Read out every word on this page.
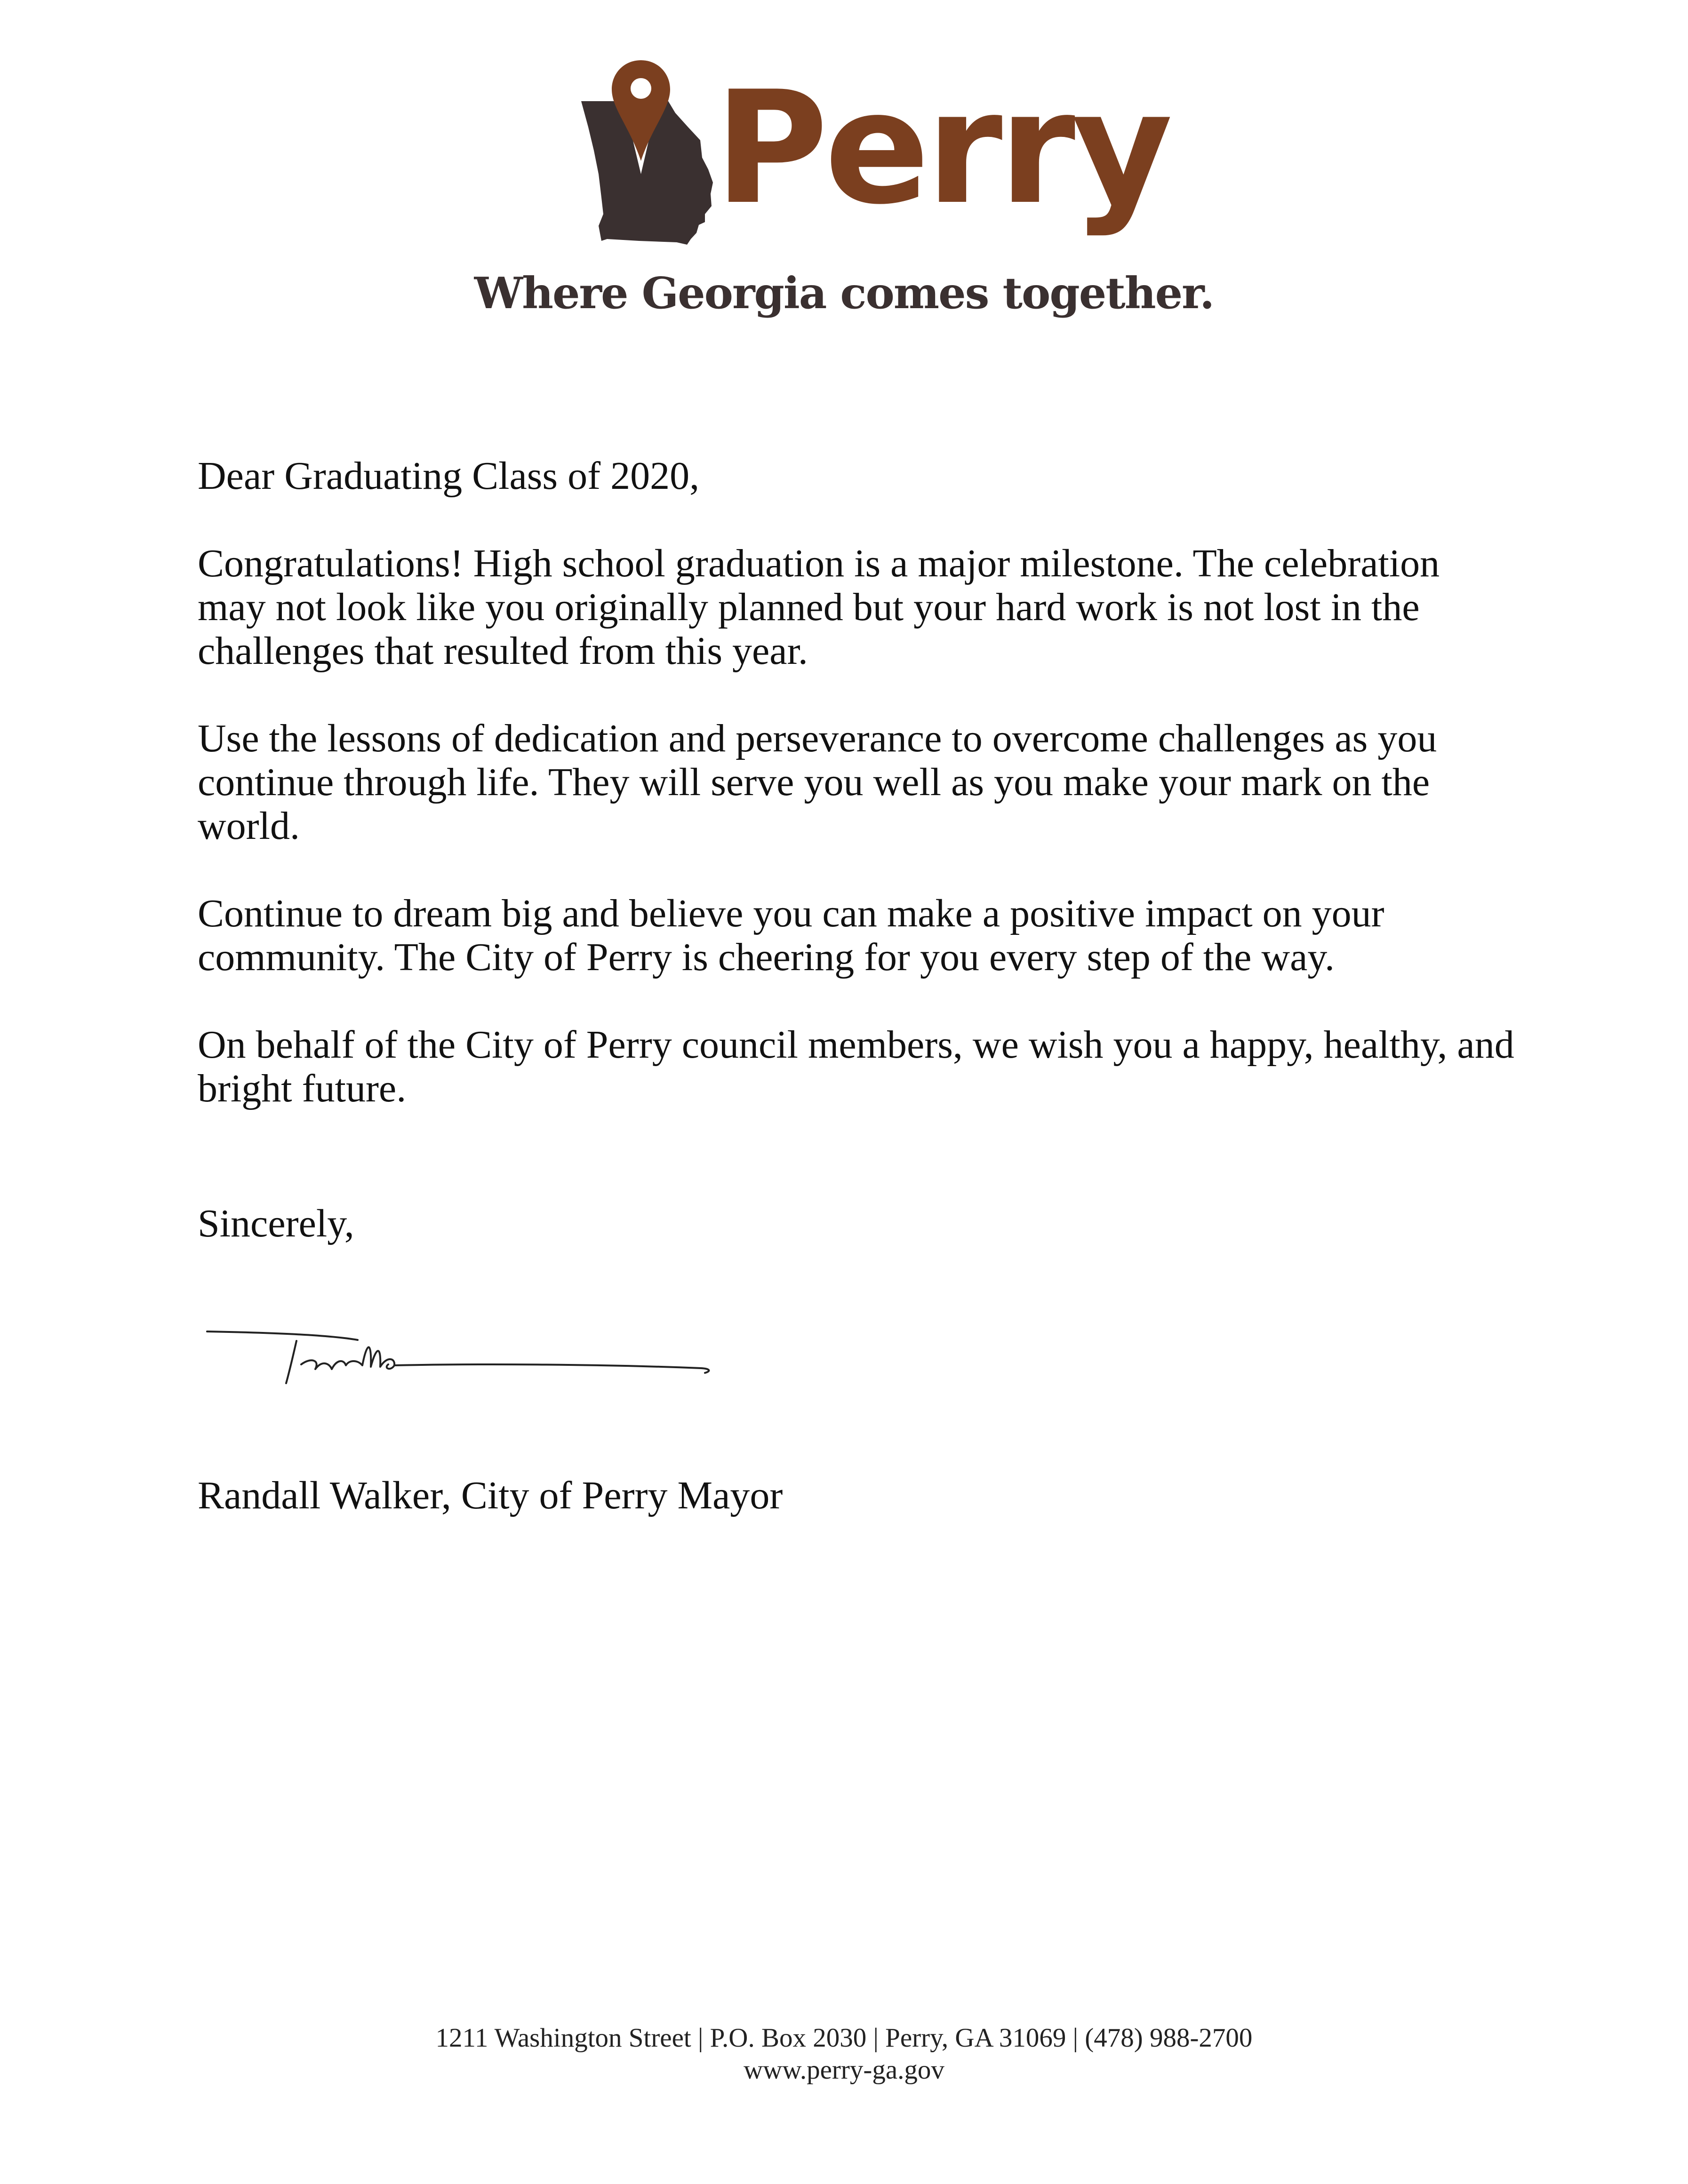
Perry
Where Georgia comes together.

Dear Graduating Class of 2020,

Congratulations! High school graduation is a major milestone. The celebration may not look like you originally planned but your hard work is not lost in the challenges that resulted from this year.

Use the lessons of dedication and perseverance to overcome challenges as you continue through life. They will serve you well as you make your mark on the world.

Continue to dream big and believe you can make a positive impact on your community. The City of Perry is cheering for you every step of the way.

On behalf of the City of Perry council members, we wish you a happy, healthy, and bright future.

Sincerely,
Randall Walker, City of Perry Mayor
1211 Washington Street | P.O. Box 2030 | Perry, GA 31069 | (478) 988-2700
www.perry-ga.gov
